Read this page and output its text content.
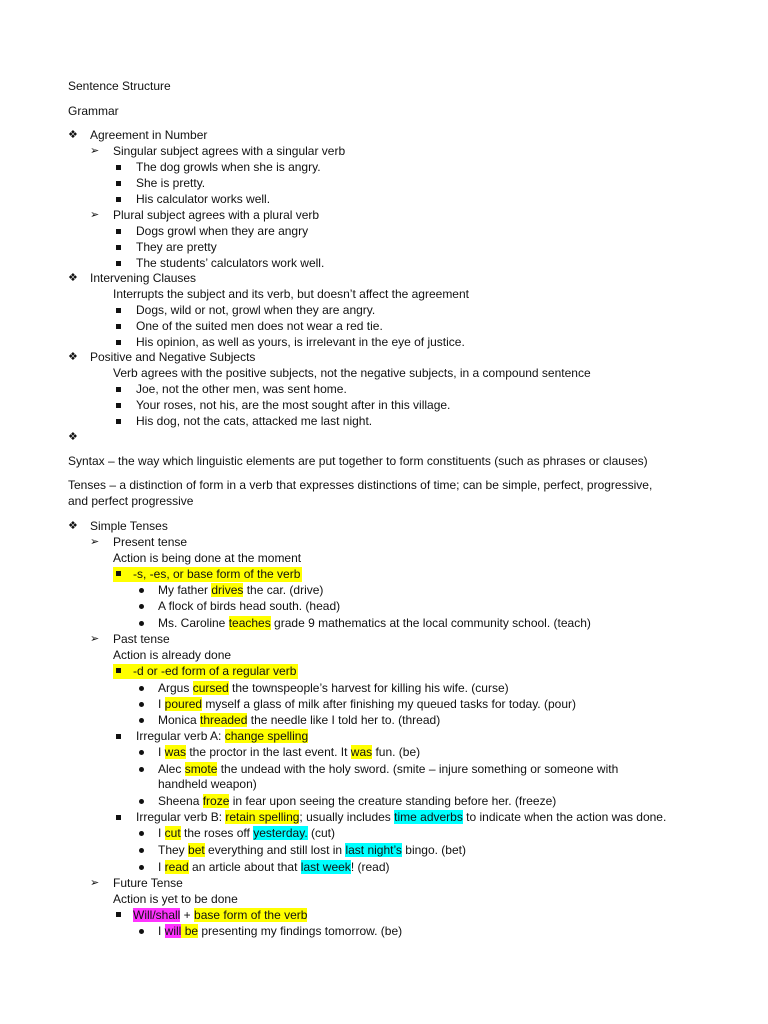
Sentence Structure
Grammar
❖ Agreement in Number
➢ Singular subject agrees with a singular verb
The dog growls when she is angry.
She is pretty.
His calculator works well.
➢ Plural subject agrees with a plural verb
Dogs growl when they are angry
They are pretty
The students’ calculators work well.
❖ Intervening Clauses
Interrupts the subject and its verb, but doesn’t affect the agreement
Dogs, wild or not, growl when they are angry.
One of the suited men does not wear a red tie.
His opinion, as well as yours, is irrelevant in the eye of justice.
❖ Positive and Negative Subjects
Verb agrees with the positive subjects, not the negative subjects, in a compound sentence
Joe, not the other men, was sent home.
Your roses, not his, are the most sought after in this village.
His dog, not the cats, attacked me last night.
❖
Syntax – the way which linguistic elements are put together to form constituents (such as phrases or clauses)
Tenses – a distinction of form in a verb that expresses distinctions of time; can be simple, perfect, progressive,
and perfect progressive
❖ Simple Tenses
➢ Present tense
Action is being done at the moment
-s, -es, or base form of the verb
My father drives the car. (drive)
A flock of birds head south. (head)
Ms. Caroline teaches grade 9 mathematics at the local community school. (teach)
➢ Past tense
Action is already done
-d or -ed form of a regular verb
Argus cursed the townspeople’s harvest for killing his wife. (curse)
I poured myself a glass of milk after finishing my queued tasks for today. (pour)
Monica threaded the needle like I told her to. (thread)
Irregular verb A: change spelling
I was the proctor in the last event. It was fun. (be)
Alec smote the undead with the holy sword. (smite – injure something or someone with
handheld weapon)
Sheena froze in fear upon seeing the creature standing before her. (freeze)
Irregular verb B: retain spelling; usually includes time adverbs to indicate when the action was done.
I cut the roses off yesterday. (cut)
They bet everything and still lost in last night’s bingo. (bet)
I read an article about that last week! (read)
➢ Future Tense
Action is yet to be done
Will/shall + base form of the verb
I will be presenting my findings tomorrow. (be)
